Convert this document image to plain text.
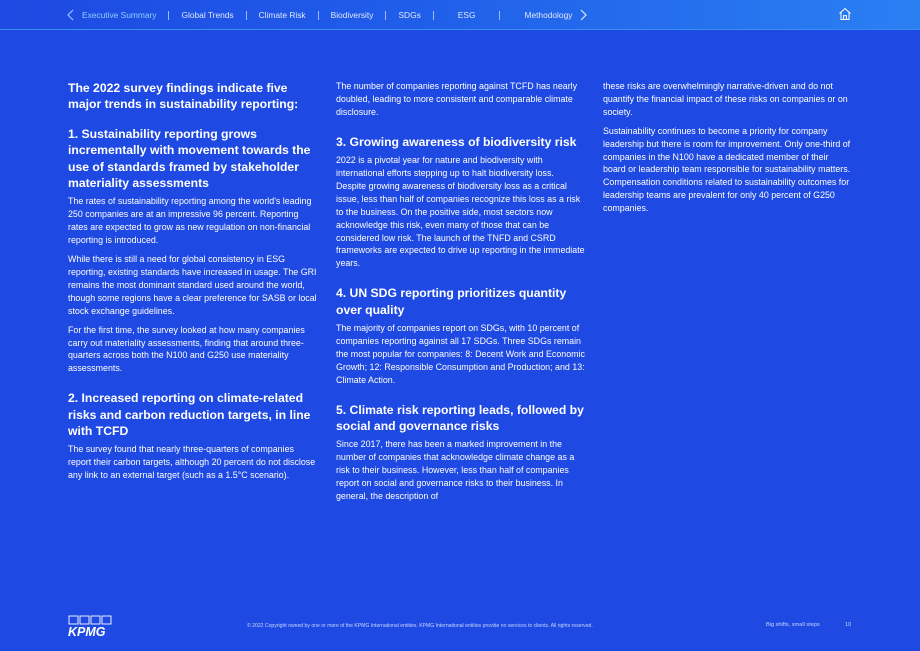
Executive Summary	Global Trends	Climate Risk	Biodiversity	SDGs	ESG	Methodology
The 2022 survey findings indicate five major trends in sustainability reporting:
1. Sustainability reporting grows incrementally with movement towards the use of standards framed by stakeholder materiality assessments

The rates of sustainability reporting among the world's leading 250 companies are at an impressive 96 percent. Reporting rates are expected to grow as new regulation on non-financial reporting is introduced.

While there is still a need for global consistency in ESG reporting, existing standards have increased in usage. The GRI remains the most dominant standard used around the world, though some regions have a clear preference for SASB or local stock exchange guidelines.

For the first time, the survey looked at how many companies carry out materiality assessments, finding that around three-quarters across both the N100 and G250 use materiality assessments.

2. Increased reporting on climate-related risks and carbon reduction targets, in line with TCFD

The survey found that nearly three-quarters of companies report their carbon targets, although 20 percent do not disclose any link to an external target (such as a 1.5°C scenario).

The number of companies reporting against TCFD has nearly doubled, leading to more consistent and comparable climate disclosure.

3. Growing awareness of biodiversity risk

2022 is a pivotal year for nature and biodiversity with international efforts stepping up to halt biodiversity loss. Despite growing awareness of biodiversity loss as a critical issue, less than half of companies recognize this loss as a risk to the business. On the positive side, most sectors now acknowledge this risk, even many of those that can be considered low risk. The launch of the TNFD and CSRD frameworks are expected to drive up reporting in the immediate years.

4. UN SDG reporting prioritizes quantity over quality

The majority of companies report on SDGs, with 10 percent of companies reporting against all 17 SDGs. Three SDGs remain the most popular for companies: 8: Decent Work and Economic Growth; 12: Responsible Consumption and Production; and 13: Climate Action.

5. Climate risk reporting leads, followed by social and governance risks

Since 2017, there has been a marked improvement in the number of companies that acknowledge climate change as a risk to their business. However, less than half of companies report on social and governance risks to their business. In general, the description of

these risks are overwhelmingly narrative-driven and do not quantify the financial impact of these risks on companies or on society.

Sustainability continues to become a priority for company leadership but there is room for improvement. Only one-third of companies in the N100 have a dedicated member of their board or leadership team responsible for sustainability matters. Compensation conditions related to sustainability outcomes for leadership teams are prevalent for only 40 percent of G250 companies.

KPMG	© 2022 Copyright owned by one or more of the KPMG International entities. KPMG International entities provide no services to clients. All rights reserved.	Big shifts, small steps	10
